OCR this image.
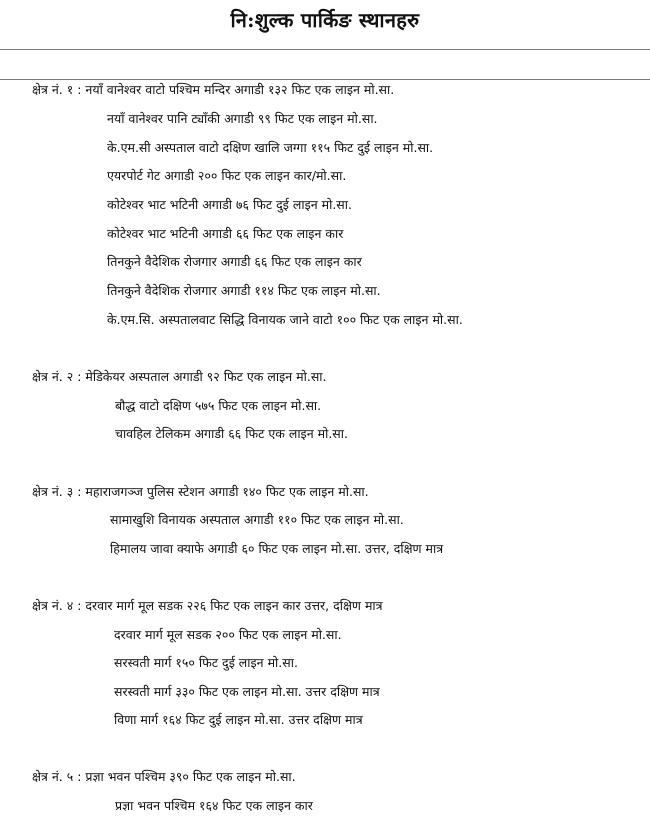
नि:शुल्क पार्किङ स्थानहरु
क्षेत्र नं. १ : नयाँ वानेश्वर वाटो पश्चिम मन्दिर अगाडी १३२ फिट एक लाइन मो.सा.
नयाँ वानेश्वर पानि ट्याँकी अगाडी ९९ फिट एक लाइन मो.सा.
के.एम.सी अस्पताल वाटो दक्षिण खालि जग्गा ११५ फिट दुई लाइन मो.सा.
एयरपोर्ट गेट अगाडी २०० फिट एक लाइन कार/मो.सा.
कोटेश्वर भाट भटिनी अगाडी ७६ फिट दुई लाइन मो.सा.
कोटेश्वर भाट भटिनी अगाडी ६६ फिट एक लाइन कार
तिनकुने वैदेशिक रोजगार अगाडी ६६ फिट एक लाइन कार
तिनकुने वैदेशिक रोजगार अगाडी ११४ फिट एक लाइन मो.सा.
के.एम.सि. अस्पतालवाट सिद्धि विनायक जाने वाटो १०० फिट एक लाइन मो.सा.
क्षेत्र नं. २ : मेडिकेयर अस्पताल अगाडी ९२ फिट एक लाइन मो.सा.
बौद्ध वाटो दक्षिण ५७५ फिट एक लाइन मो.सा.
चावहिल टेलिकम अगाडी ६६ फिट एक लाइन मो.सा.
क्षेत्र नं. ३ : महाराजगञ्ज पुलिस स्टेशन अगाडी १४० फिट एक लाइन मो.सा.
सामाखुशि विनायक अस्पताल अगाडी ११० फिट एक लाइन मो.सा.
हिमालय जावा क्याफे अगाडी ६० फिट एक लाइन मो.सा. उत्तर, दक्षिण मात्र
क्षेत्र नं. ४ : दरवार मार्ग मूल सडक २२६ फिट एक लाइन कार उत्तर, दक्षिण मात्र
दरवार मार्ग मूल सडक २०० फिट एक लाइन मो.सा.
सरस्वती मार्ग १५० फिट दुई लाइन मो.सा.
सरस्वती मार्ग ३३० फिट एक लाइन मो.सा. उत्तर दक्षिण मात्र
विणा मार्ग १६४ फिट दुई लाइन मो.सा. उत्तर दक्षिण मात्र
क्षेत्र नं. ५ : प्रज्ञा भवन पश्चिम ३९० फिट एक लाइन मो.सा.
प्रज्ञा भवन पश्चिम १६४ फिट एक लाइन कार
